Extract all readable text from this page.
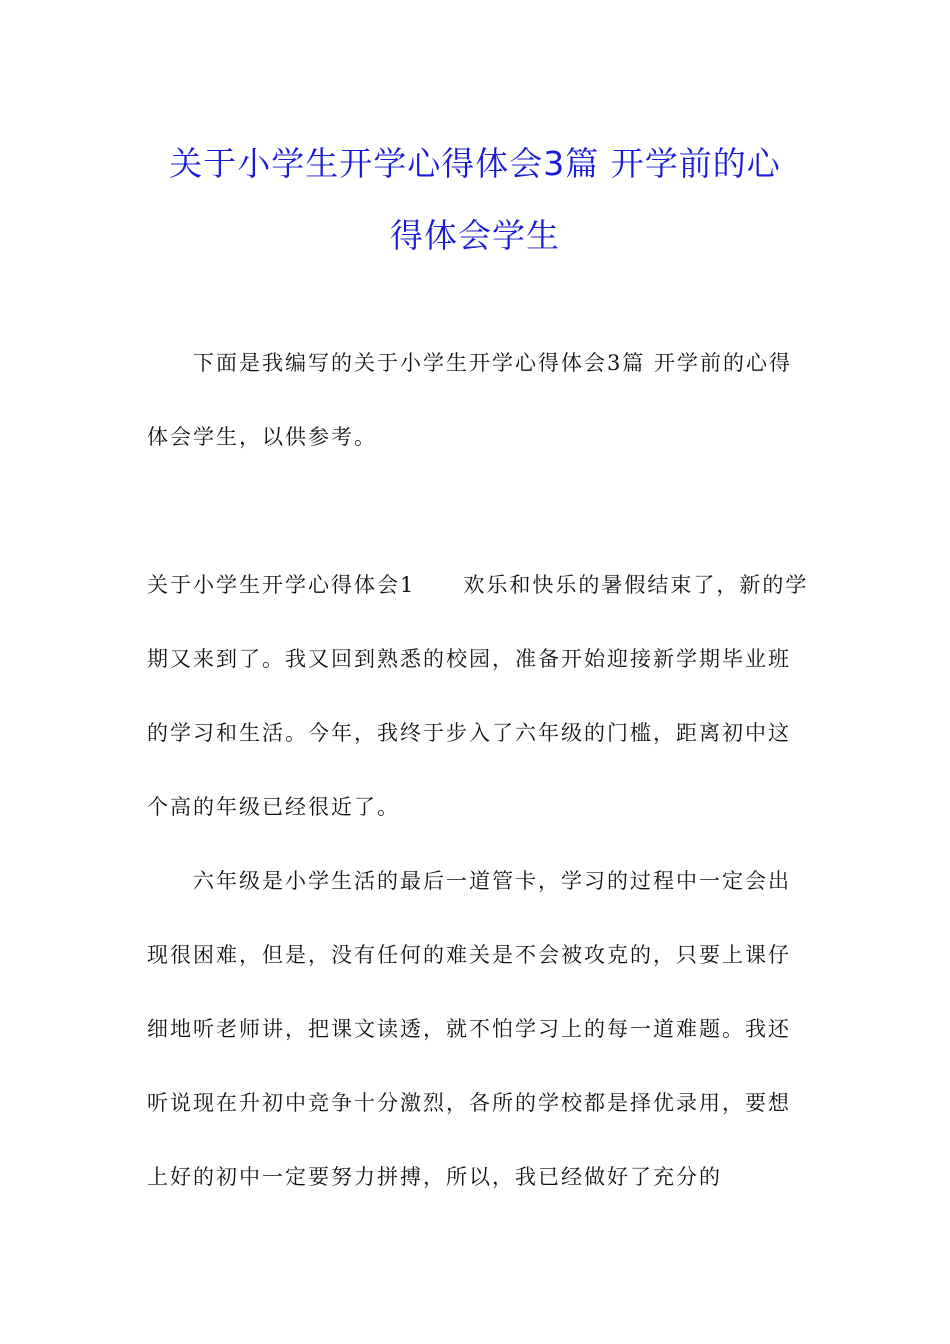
关于小学生开学心得体会3篇 开学前的心
得体会学生

下面是我编写的关于小学生开学心得体会3篇 开学前的心得体会学生，以供参考。

关于小学生开学心得体会1 欢乐和快乐的暑假结束了，新的学期又来到了。我又回到熟悉的校园，准备开始迎接新学期毕业班的学习和生活。今年，我终于步入了六年级的门槛，距离初中这个高的年级已经很近了。

六年级是小学生活的最后一道管卡，学习的过程中一定会出现很困难，但是，没有任何的难关是不会被攻克的，只要上课仔细地听老师讲，把课文读透，就不怕学习上的每一道难题。我还听说现在升初中竞争十分激烈，各所的学校都是择优录用，要想上好的初中一定要努力拼搏，所以，我已经做好了充分的
